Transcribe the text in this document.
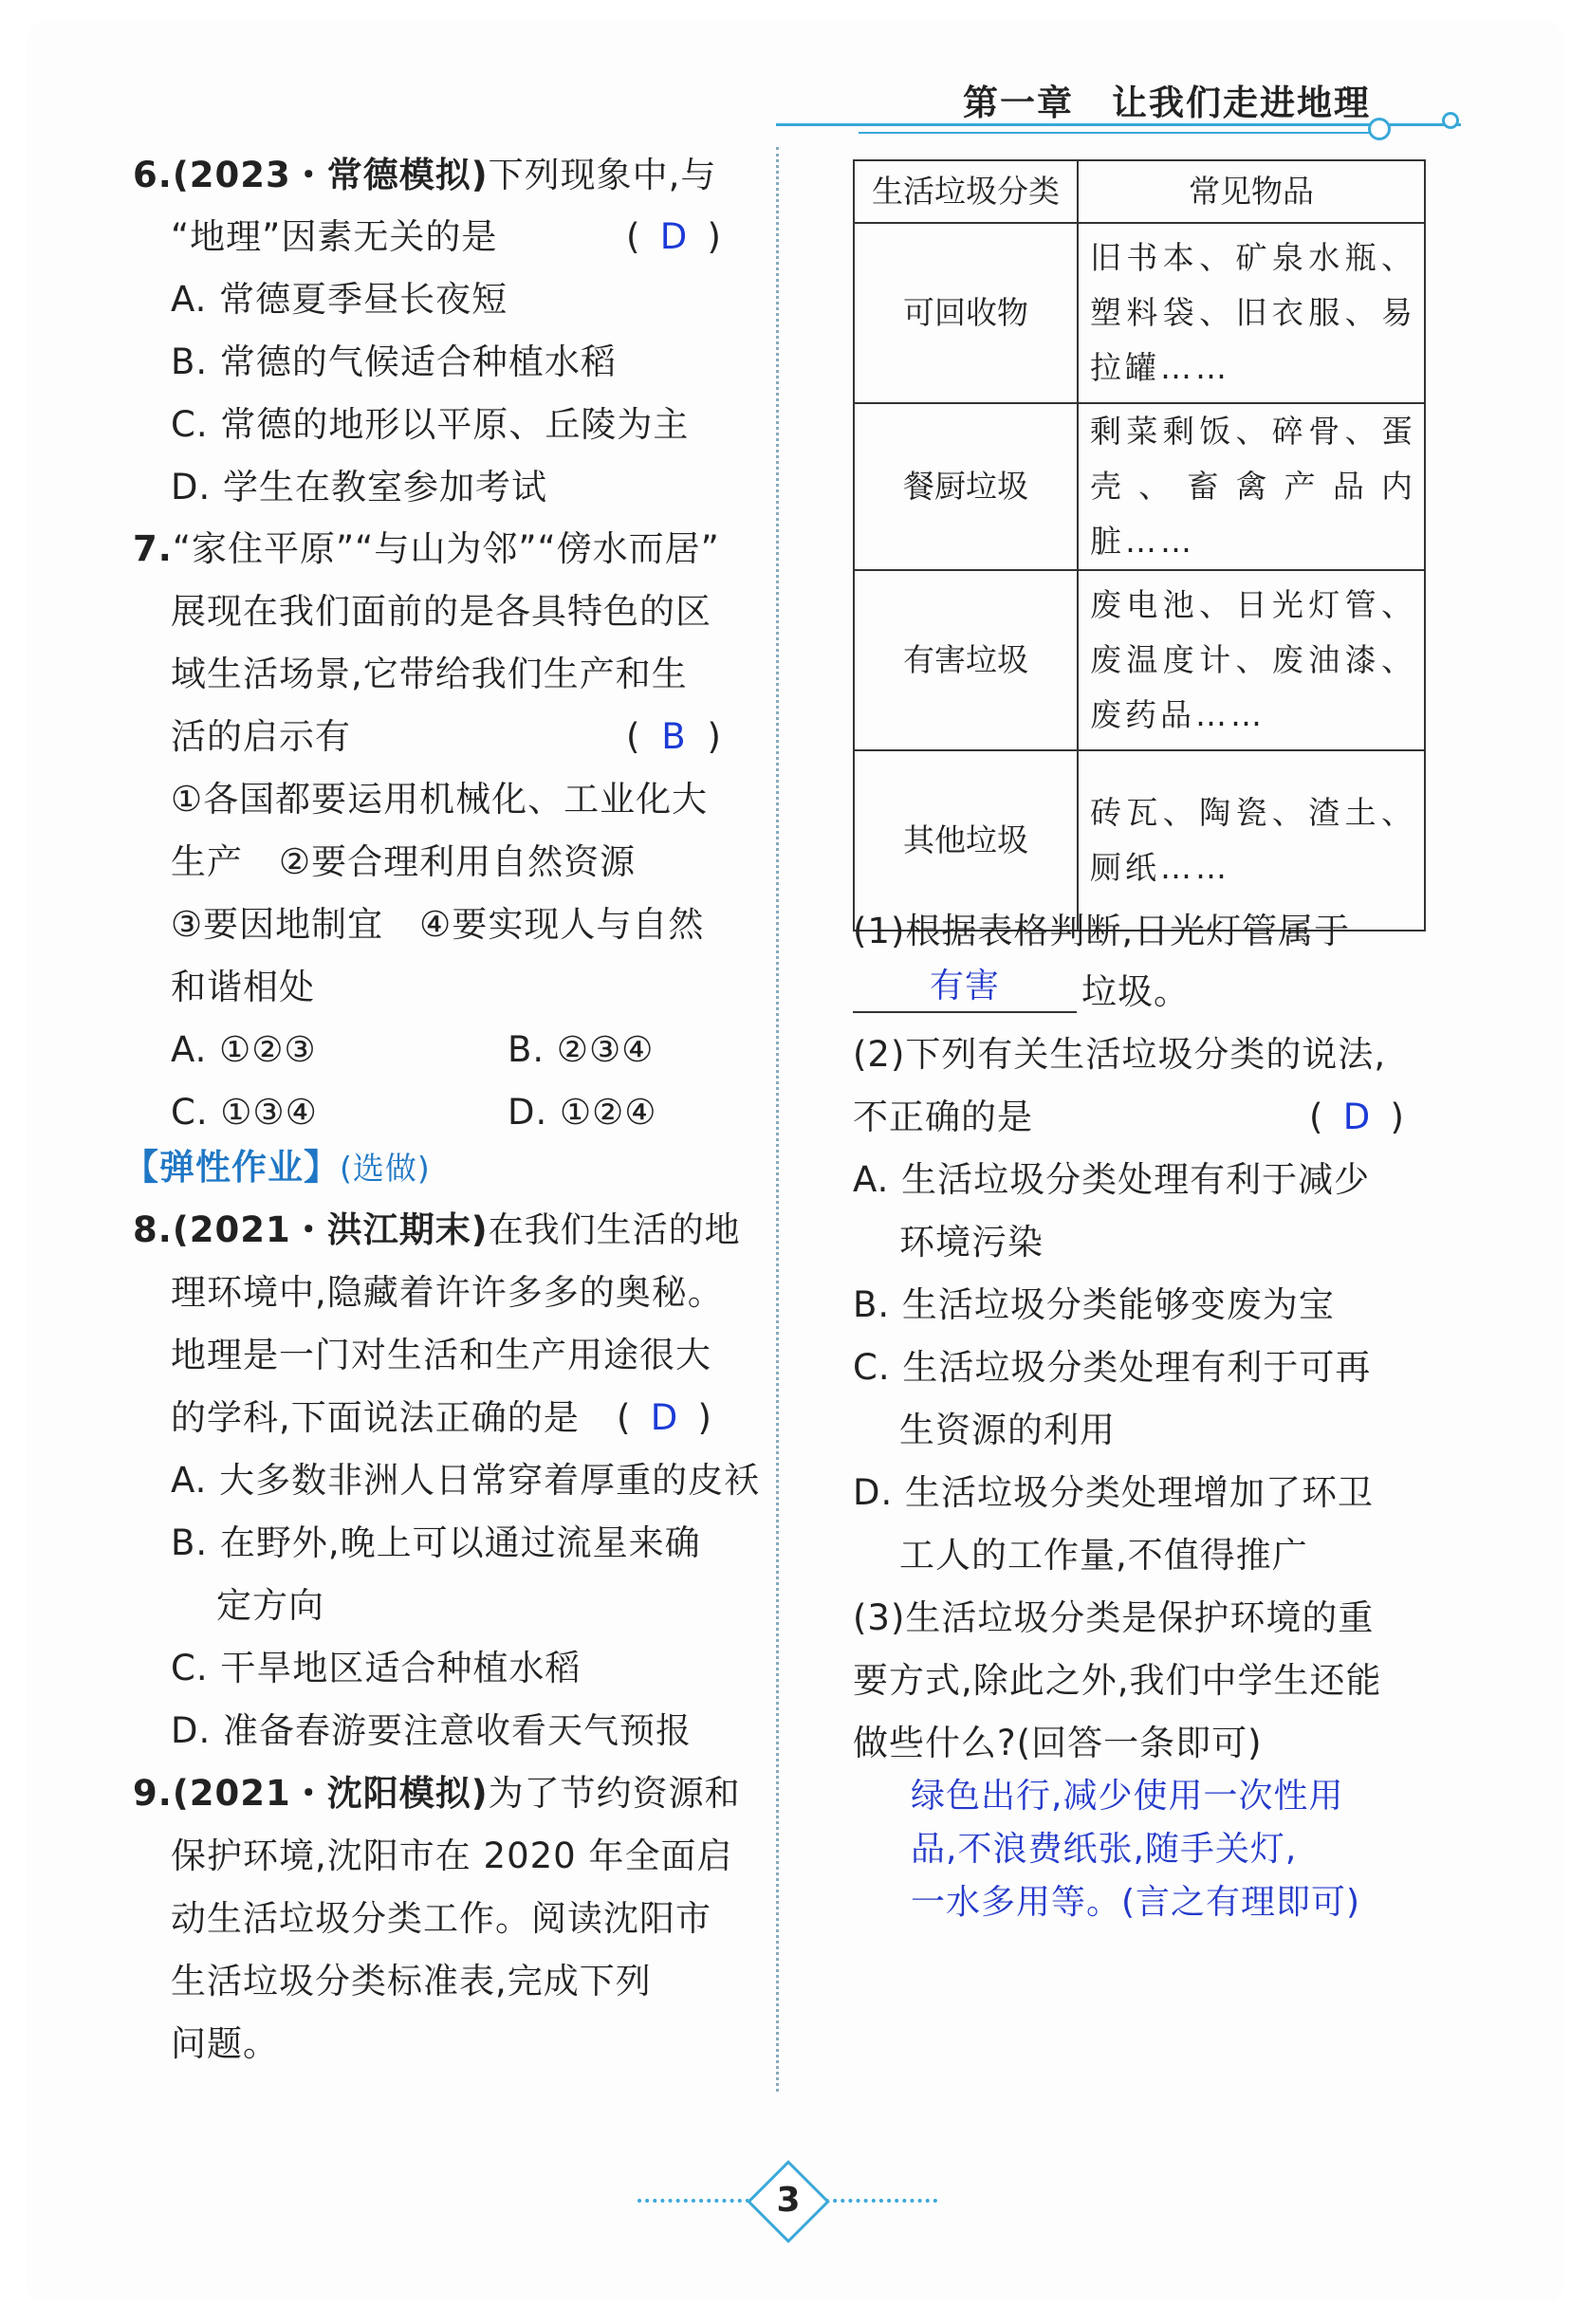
第一章 让我们走进地理
6.(2023・常德模拟)下列现象中,与
“地理”因素无关的是	( D )
A. 常德夏季昼长夜短
B. 常德的气候适合种植水稻
C. 常德的地形以平原、丘陵为主
D. 学生在教室参加考试
7.“家住平原”“与山为邻”“傍水而居”
展现在我们面前的是各具特色的区
域生活场景,它带给我们生产和生
活的启示有	( B )
①各国都要运用机械化、工业化大
生产　②要合理利用自然资源
③要因地制宜　④要实现人与自然
和谐相处
A. ①②③	B. ②③④
C. ①③④	D. ①②④
【弹性作业】(选做)
8.(2021・洪江期末)在我们生活的地
理环境中,隐藏着许许多多的奥秘。
地理是一门对生活和生产用途很大
的学科,下面说法正确的是 ( D )
A. 大多数非洲人日常穿着厚重的皮袄
B. 在野外,晚上可以通过流星来确
定方向
C. 干旱地区适合种植水稻
D. 准备春游要注意收看天气预报
9.(2021・沈阳模拟)为了节约资源和
保护环境,沈阳市在 2020 年全面启
动生活垃圾分类工作。阅读沈阳市
生活垃圾分类标准表,完成下列
问题。
生活垃圾分类	常见物品
可回收物	旧书本、矿泉水瓶、塑料袋、旧衣服、易拉罐……
餐厨垃圾	剩菜剩饭、碎骨、蛋壳、畜禽产品内脏……
有害垃圾	废电池、日光灯管、废温度计、废油漆、废药品……
其他垃圾	砖瓦、陶瓷、渣土、厕纸……
(1)根据表格判断,日光灯管属于
有害 垃圾。
(2)下列有关生活垃圾分类的说法,
不正确的是	( D )
A. 生活垃圾分类处理有利于减少
环境污染
B. 生活垃圾分类能够变废为宝
C. 生活垃圾分类处理有利于可再
生资源的利用
D. 生活垃圾分类处理增加了环卫
工人的工作量,不值得推广
(3)生活垃圾分类是保护环境的重
要方式,除此之外,我们中学生还能
做些什么?(回答一条即可)
绿色出行,减少使用一次性用
品,不浪费纸张,随手关灯,
一水多用等。(言之有理即可)
3
